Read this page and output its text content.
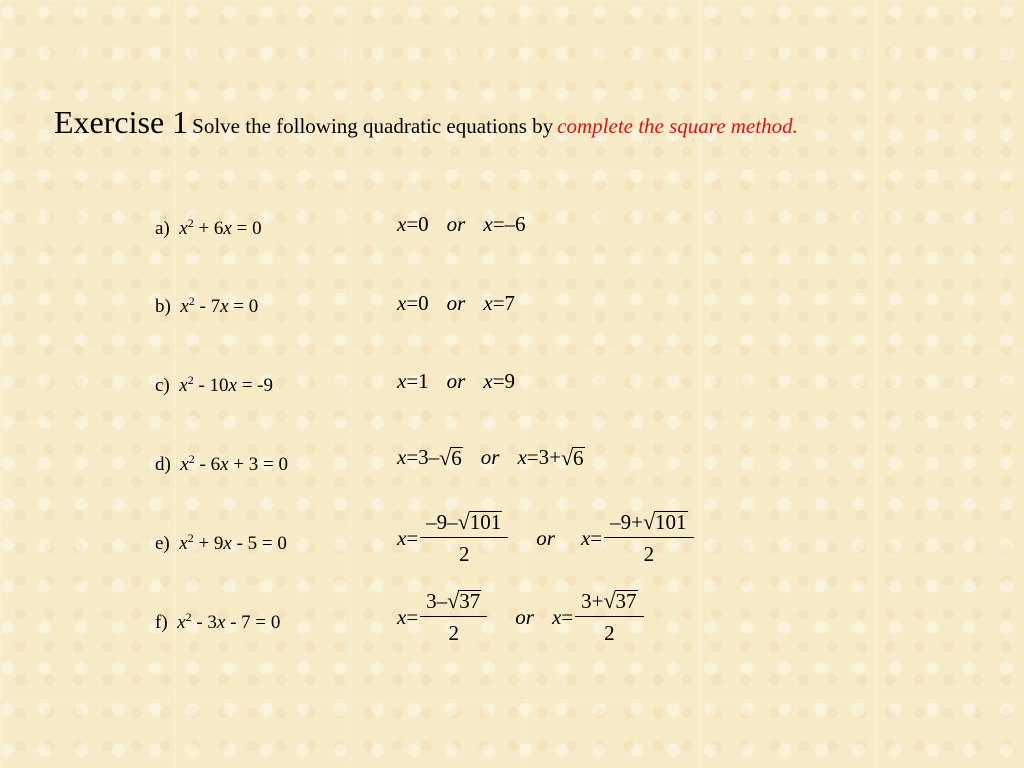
Exercise 1 Solve the following quadratic equations by complete the square method.
a) $x^2 + 6x = 0$
b) $x^2 - 7x = 0$
c) $x^2 - 10x = -9$
d) $x^2 - 6x + 3 = 0$
e) $x^2 + 9x - 5 = 0$
f) $x^2 - 3x - 7 = 0$
x = 0 or x = –6
x = 0 or x = 7
x = 1 or x = 9
x = 3 – √ 6 or x = 3 + √ 6
$x = \frac{-9- √ 101}{2}$ or $x = \frac{-9+ √ 101}{2}$
$x = \frac{3- √ 37}{2}$ or $x = \frac{3+ √ 37}{2}$
